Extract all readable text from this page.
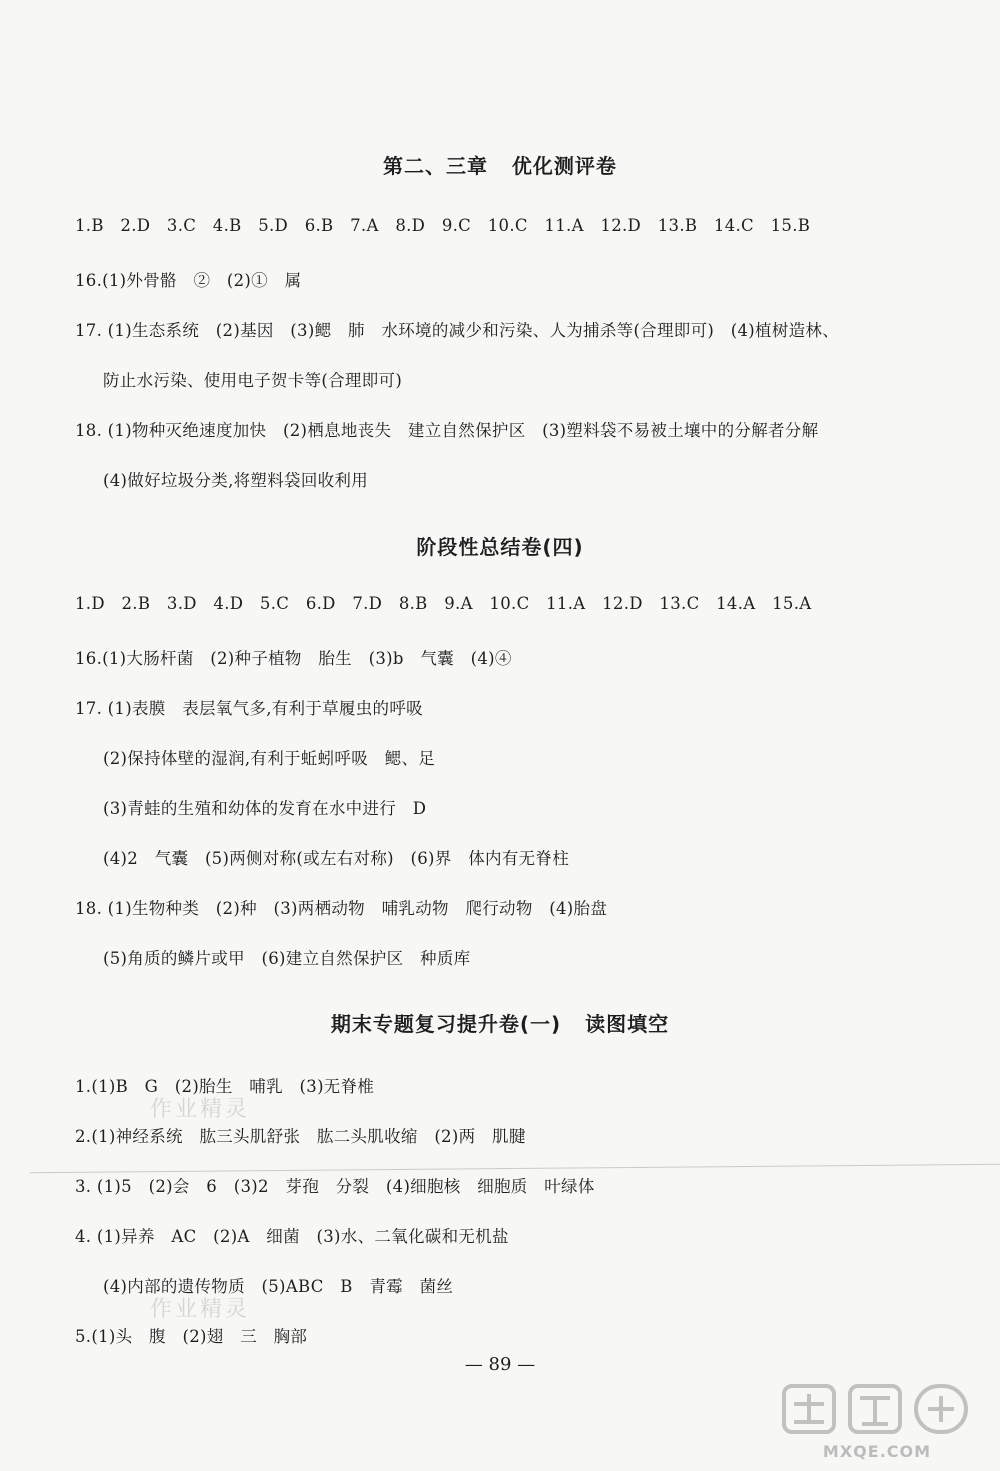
第二、三章   优化测评卷
1.B   2.D   3.C   4.B   5.D   6.B   7.A   8.D   9.C   10.C   11.A   12.D   13.B   14.C   15.B
16.(1)外骨骼   ②   (2)①   属
17. (1)生态系统   (2)基因   (3)鳃   肺   水环境的减少和污染、人为捕杀等(合理即可)   (4)植树造林、
防止水污染、使用电子贺卡等(合理即可)
18. (1)物种灭绝速度加快   (2)栖息地丧失   建立自然保护区   (3)塑料袋不易被土壤中的分解者分解
(4)做好垃圾分类,将塑料袋回收利用
阶段性总结卷(四)
1.D   2.B   3.D   4.D   5.C   6.D   7.D   8.B   9.A   10.C   11.A   12.D   13.C   14.A   15.A
16.(1)大肠杆菌   (2)种子植物   胎生   (3)b   气囊   (4)④
17. (1)表膜   表层氧气多,有利于草履虫的呼吸
(2)保持体壁的湿润,有利于蚯蚓呼吸   鳃、足
(3)青蛙的生殖和幼体的发育在水中进行   D
(4)2   气囊   (5)两侧对称(或左右对称)   (6)界   体内有无脊柱
18. (1)生物种类   (2)种   (3)两栖动物   哺乳动物   爬行动物   (4)胎盘
(5)角质的鳞片或甲   (6)建立自然保护区   种质库
期末专题复习提升卷(一)   读图填空
1.(1)B   G   (2)胎生   哺乳   (3)无脊椎
2.(1)神经系统   肱三头肌舒张   肱二头肌收缩   (2)两   肌腱
3. (1)5   (2)会   6   (3)2   芽孢   分裂   (4)细胞核   细胞质   叶绿体
4. (1)异养   AC   (2)A   细菌   (3)水、二氧化碳和无机盐
(4)内部的遗传物质   (5)ABC   B   青霉   菌丝
5.(1)头   腹   (2)翅   三   胸部
— 89 —
作业精灵
作业精灵
MXQE.COM
